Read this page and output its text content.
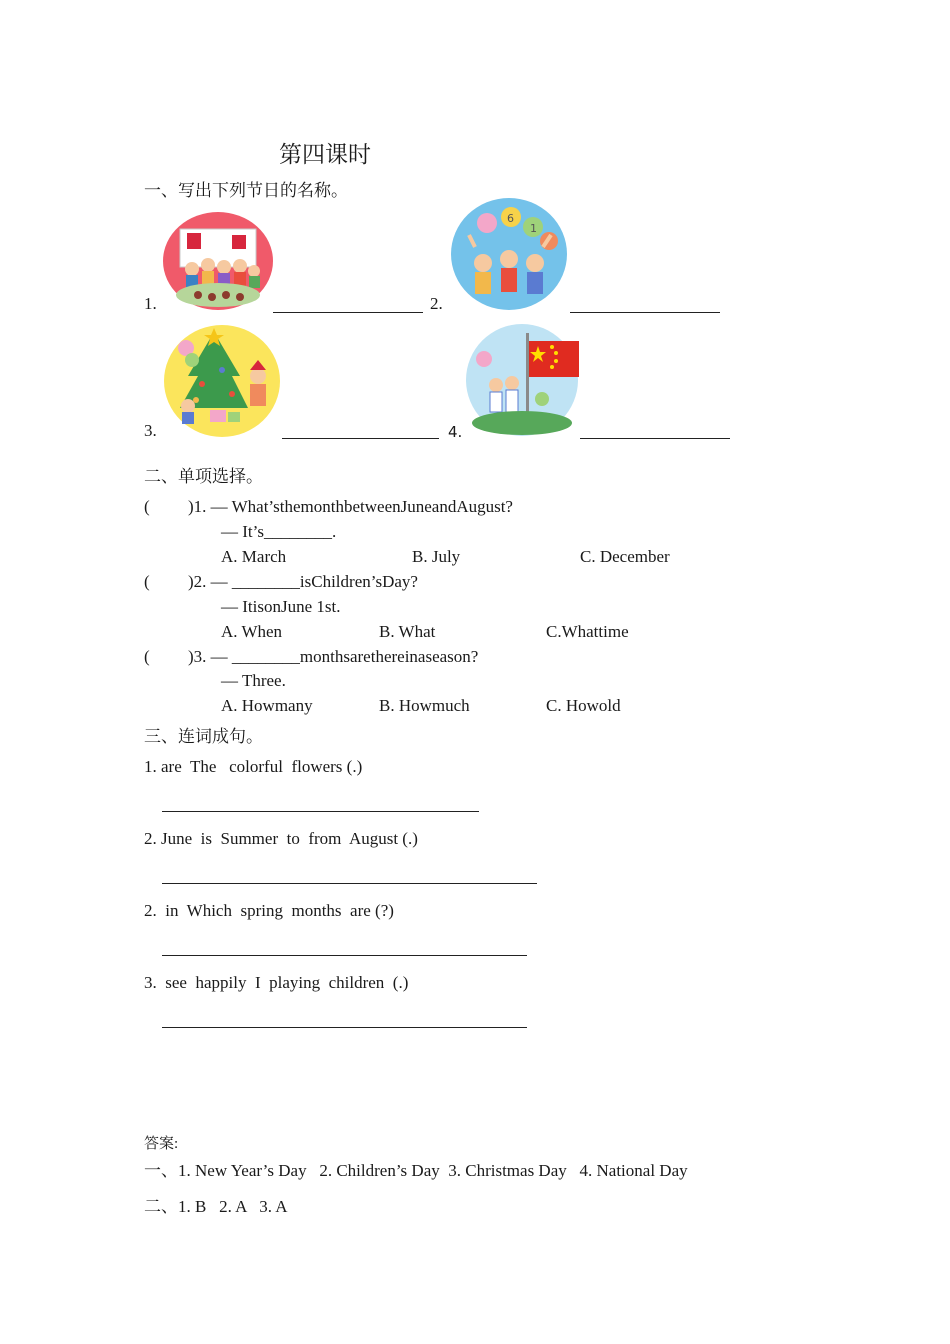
第四课时
一、写出下列节日的名称。
1.	2.
6
1
3.	4.
二、单项选择。
( )1. — What’sthemonthbetweenJuneandAugust?
— It’s________.
A. March	B. July	C. December
( )2. — ________isChildren’sDay?
— ItisonJune 1st.
A. When	B. What	C.Whattime
( )3. — ________monthsarethereinaseason?
— Three.
A. Howmany	B. Howmuch	C. Howold
三、连词成句。
1. are  The   colorful  flowers (.)
2. June  is  Summer  to  from  August (.)
2.  in  Which  spring  months  are (?)
3.  see  happily  I  playing  children  (.)
答案:
一、1. New Year’s Day   2. Children’s Day  3. Christmas Day   4. National Day
二、1. B   2. A   3. A
